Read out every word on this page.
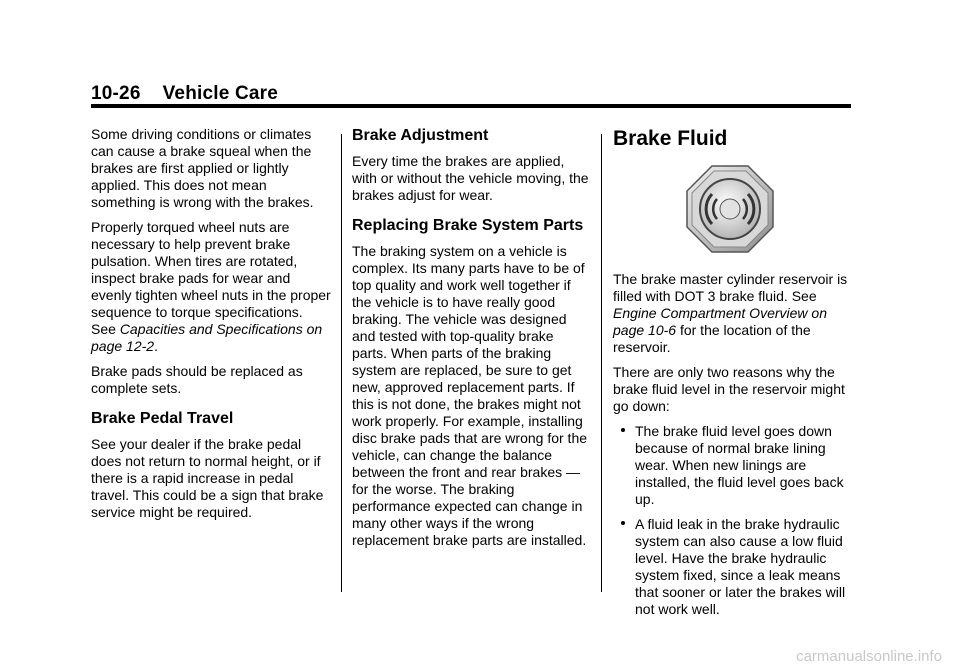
10-26 Vehicle Care

Some driving conditions or climates can cause a brake squeal when the brakes are first applied or lightly applied. This does not mean something is wrong with the brakes.

Properly torqued wheel nuts are necessary to help prevent brake pulsation. When tires are rotated, inspect brake pads for wear and evenly tighten wheel nuts in the proper sequence to torque specifications. See Capacities and Specifications on page 12-2.

Brake pads should be replaced as complete sets.

Brake Pedal Travel

See your dealer if the brake pedal does not return to normal height, or if there is a rapid increase in pedal travel. This could be a sign that brake service might be required.

Brake Adjustment

Every time the brakes are applied, with or without the vehicle moving, the brakes adjust for wear.

Replacing Brake System Parts

The braking system on a vehicle is complex. Its many parts have to be of top quality and work well together if the vehicle is to have really good braking. The vehicle was designed and tested with top-quality brake parts. When parts of the braking system are replaced, be sure to get new, approved replacement parts. If this is not done, the brakes might not work properly. For example, installing disc brake pads that are wrong for the vehicle, can change the balance between the front and rear brakes — for the worse. The braking performance expected can change in many other ways if the wrong replacement brake parts are installed.

Brake Fluid

The brake master cylinder reservoir is filled with DOT 3 brake fluid. See Engine Compartment Overview on page 10-6 for the location of the reservoir.

There are only two reasons why the brake fluid level in the reservoir might go down:

The brake fluid level goes down because of normal brake lining wear. When new linings are installed, the fluid level goes back up.
A fluid leak in the brake hydraulic system can also cause a low fluid level. Have the brake hydraulic system fixed, since a leak means that sooner or later the brakes will not work well.
carmanualsonline.info
